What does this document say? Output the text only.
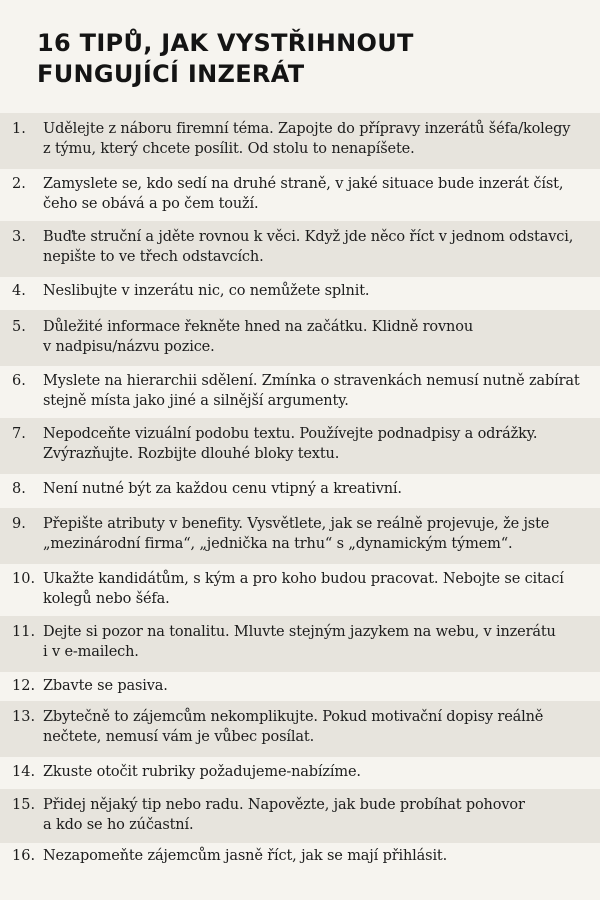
16 TIPŮ, JAK VYSTŘIHNOUT
FUNGUJÍCÍ INZERÁT
1. Udělejte z náboru firemní téma. Zapojte do přípravy inzerátů šéfa/kolegy
z týmu, který chcete posílit. Od stolu to nenapíšete.
2. Zamyslete se, kdo sedí na druhé straně, v jaké situace bude inzerát číst,
čeho se obává a po čem touží.
3. Buďte struční a jděte rovnou k věci. Když jde něco říct v jednom odstavci,
nepište to ve třech odstavcích.
4. Neslibujte v inzerátu nic, co nemůžete splnit.
5. Důležité informace řekněte hned na začátku. Klidně rovnou
v nadpisu/názvu pozice.
6. Myslete na hierarchii sdělení. Zmínka o stravenkách nemusí nutně zabírat
stejně místa jako jiné a silnější argumenty.
7. Nepodceňte vizuální podobu textu. Používejte podnadpisy a odrážky.
Zvýrazňujte. Rozbijte dlouhé bloky textu.
8. Není nutné být za každou cenu vtipný a kreativní.
9. Přepište atributy v benefity. Vysvětlete, jak se reálně projevuje, že jste
„mezinárodní firma“, „jednička na trhu“ s „dynamickým týmem“.
10. Ukažte kandidátům, s kým a pro koho budou pracovat. Nebojte se citací
kolegů nebo šéfa.
11. Dejte si pozor na tonalitu. Mluvte stejným jazykem na webu, v inzerátu
i v e-mailech.
12. Zbavte se pasiva.
13. Zbytečně to zájemcům nekomplikujte. Pokud motivační dopisy reálně
nečtete, nemusí vám je vůbec posílat.
14. Zkuste otočit rubriky požadujeme-nabízíme.
15. Přidej nějaký tip nebo radu. Napovězte, jak bude probíhat pohovor
a kdo se ho zúčastní.
16. Nezapomeňte zájemcům jasně říct, jak se mají přihlásit.
